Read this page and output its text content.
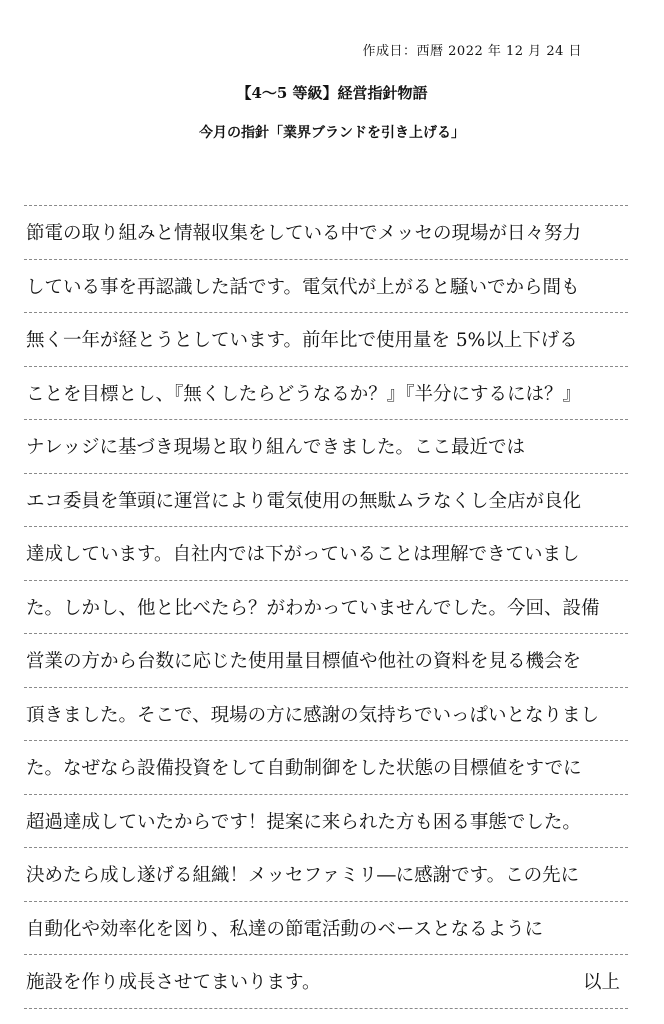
作成日：西暦 2022 年 12 月 24 日
【4〜5 等級】経営指針物語
今月の指針「業界ブランドを引き上げる」
節電の取り組みと情報収集をしている中でメッセの現場が日々努力
している事を再認識した話です。電気代が上がると騒いでから間も
無く一年が経とうとしています。前年比で使用量を 5%以上下げる
ことを目標とし、『無くしたらどうなるか？』『半分にするには？』
ナレッジに基づき現場と取り組んできました。ここ最近では
エコ委員を筆頭に運営により電気使用の無駄ムラなくし全店が良化
達成しています。自社内では下がっていることは理解できていまし
た。しかし、他と比べたら？がわかっていませんでした。今回、設備
営業の方から台数に応じた使用量目標値や他社の資料を見る機会を
頂きました。そこで、現場の方に感謝の気持ちでいっぱいとなりまし
た。なぜなら設備投資をして自動制御をした状態の目標値をすでに
超過達成していたからです！提案に来られた方も困る事態でした。
決めたら成し遂げる組織！メッセファミリ―に感謝です。この先に
自動化や効率化を図り、私達の節電活動のベースとなるように
施設を作り成長させてまいります。	以上
